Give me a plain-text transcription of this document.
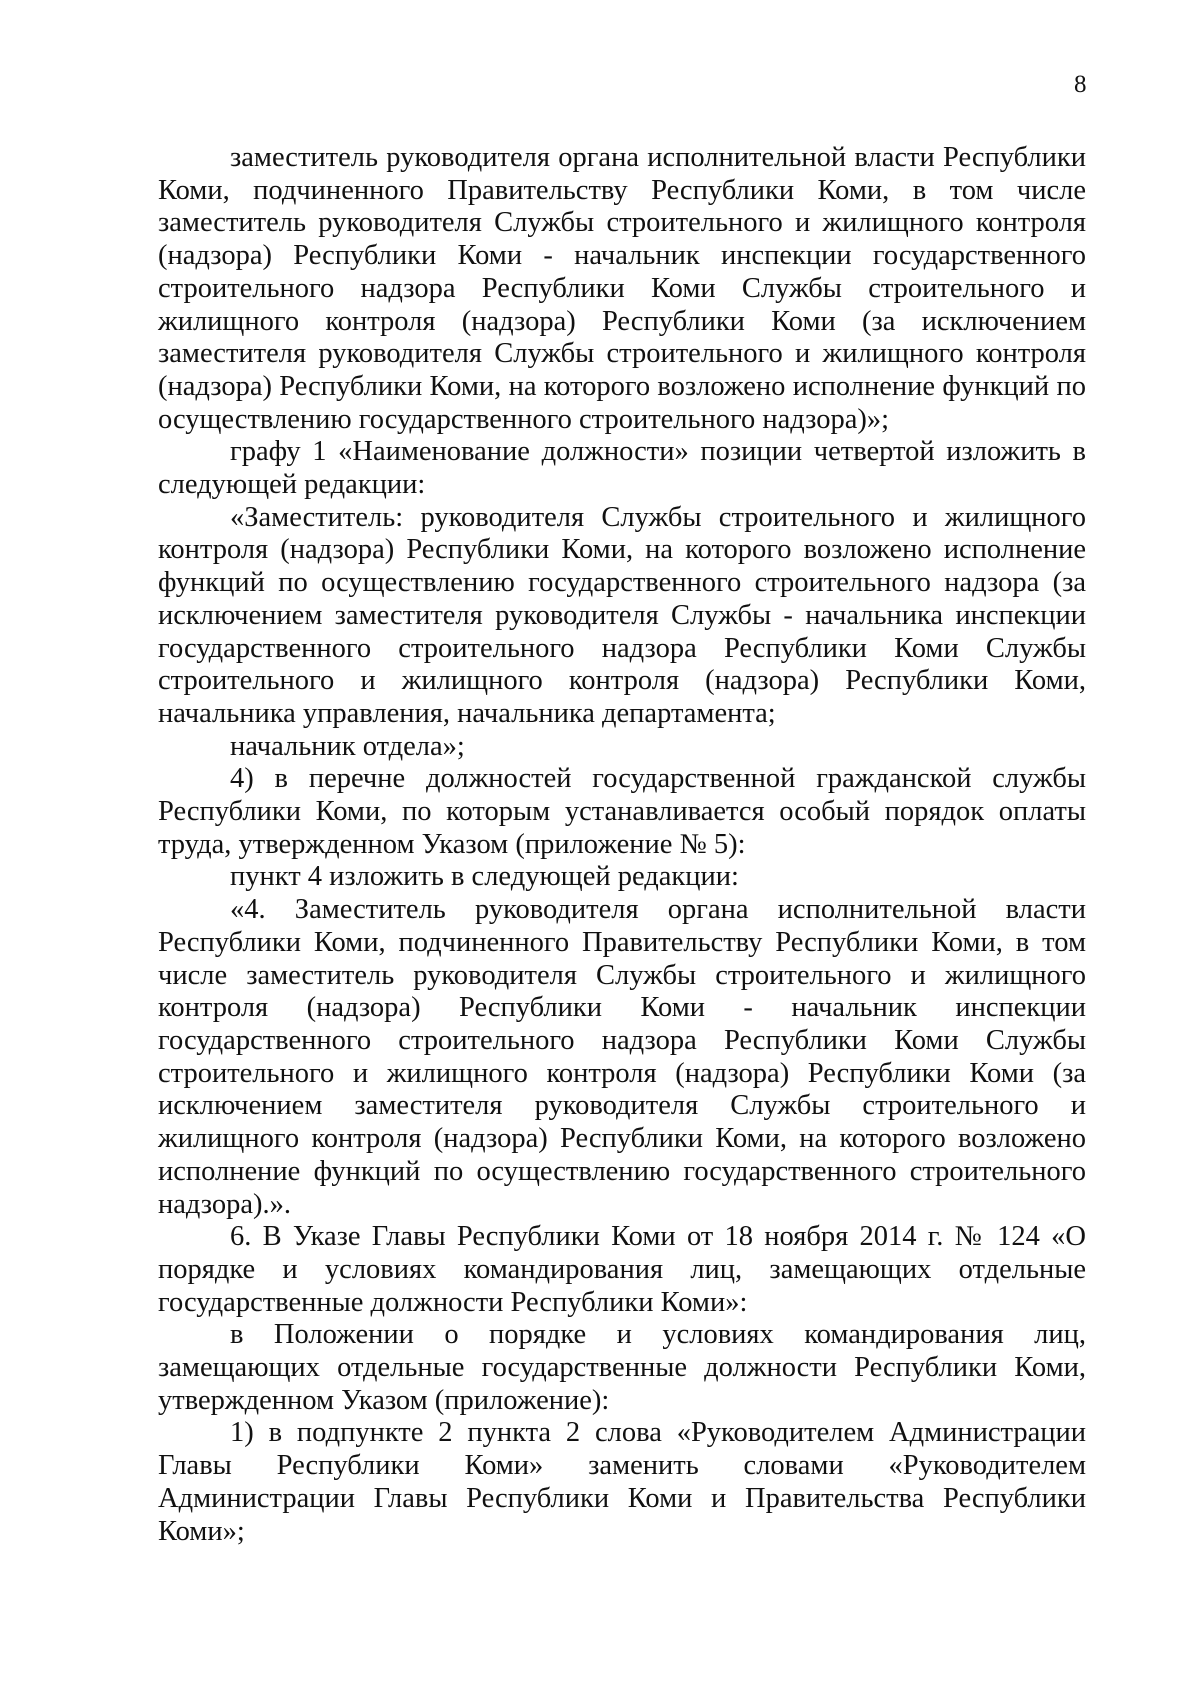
8

заместитель руководителя органа исполнительной власти Республики Коми, подчиненного Правительству Республики Коми, в том числе заместитель руководителя Службы строительного и жилищного контроля (надзора) Республики Коми - начальник инспекции государственного строительного надзора Республики Коми Службы строительного и жилищного контроля (надзора) Республики Коми (за исключением заместителя руководителя Службы строительного и жилищного контроля (надзора) Республики Коми, на которого возложено исполнение функций по осуществлению государственного строительного надзора)»;

графу 1 «Наименование должности» позиции четвертой изложить в следующей редакции:

«Заместитель: руководителя Службы строительного и жилищного контроля (надзора) Республики Коми, на которого возложено исполнение функций по осуществлению государственного строительного надзора (за исключением заместителя руководителя Службы - начальника инспекции государственного строительного надзора Республики Коми Службы строительного и жилищного контроля (надзора) Республики Коми, начальника управления, начальника департамента;

начальник отдела»;

4) в перечне должностей государственной гражданской службы Республики Коми, по которым устанавливается особый порядок оплаты труда, утвержденном Указом (приложение № 5):

пункт 4 изложить в следующей редакции:

«4. Заместитель руководителя органа исполнительной власти Республики Коми, подчиненного Правительству Республики Коми, в том числе заместитель руководителя Службы строительного и жилищного контроля (надзора) Республики Коми - начальник инспекции государственного строительного надзора Республики Коми Службы строительного и жилищного контроля (надзора) Республики Коми (за исключением заместителя руководителя Службы строительного и жилищного контроля (надзора) Республики Коми, на которого возложено исполнение функций по осуществлению государственного строительного надзора).».

6. В Указе Главы Республики Коми от 18 ноября 2014 г. № 124 «О порядке и условиях командирования лиц, замещающих отдельные государственные должности Республики Коми»:

в Положении о порядке и условиях командирования лиц, замещающих отдельные государственные должности Республики Коми, утвержденном Указом (приложение):

1) в подпункте 2 пункта 2 слова «Руководителем Администрации Главы Республики Коми» заменить словами «Руководителем Администрации Главы Республики Коми и Правительства Республики Коми»;
